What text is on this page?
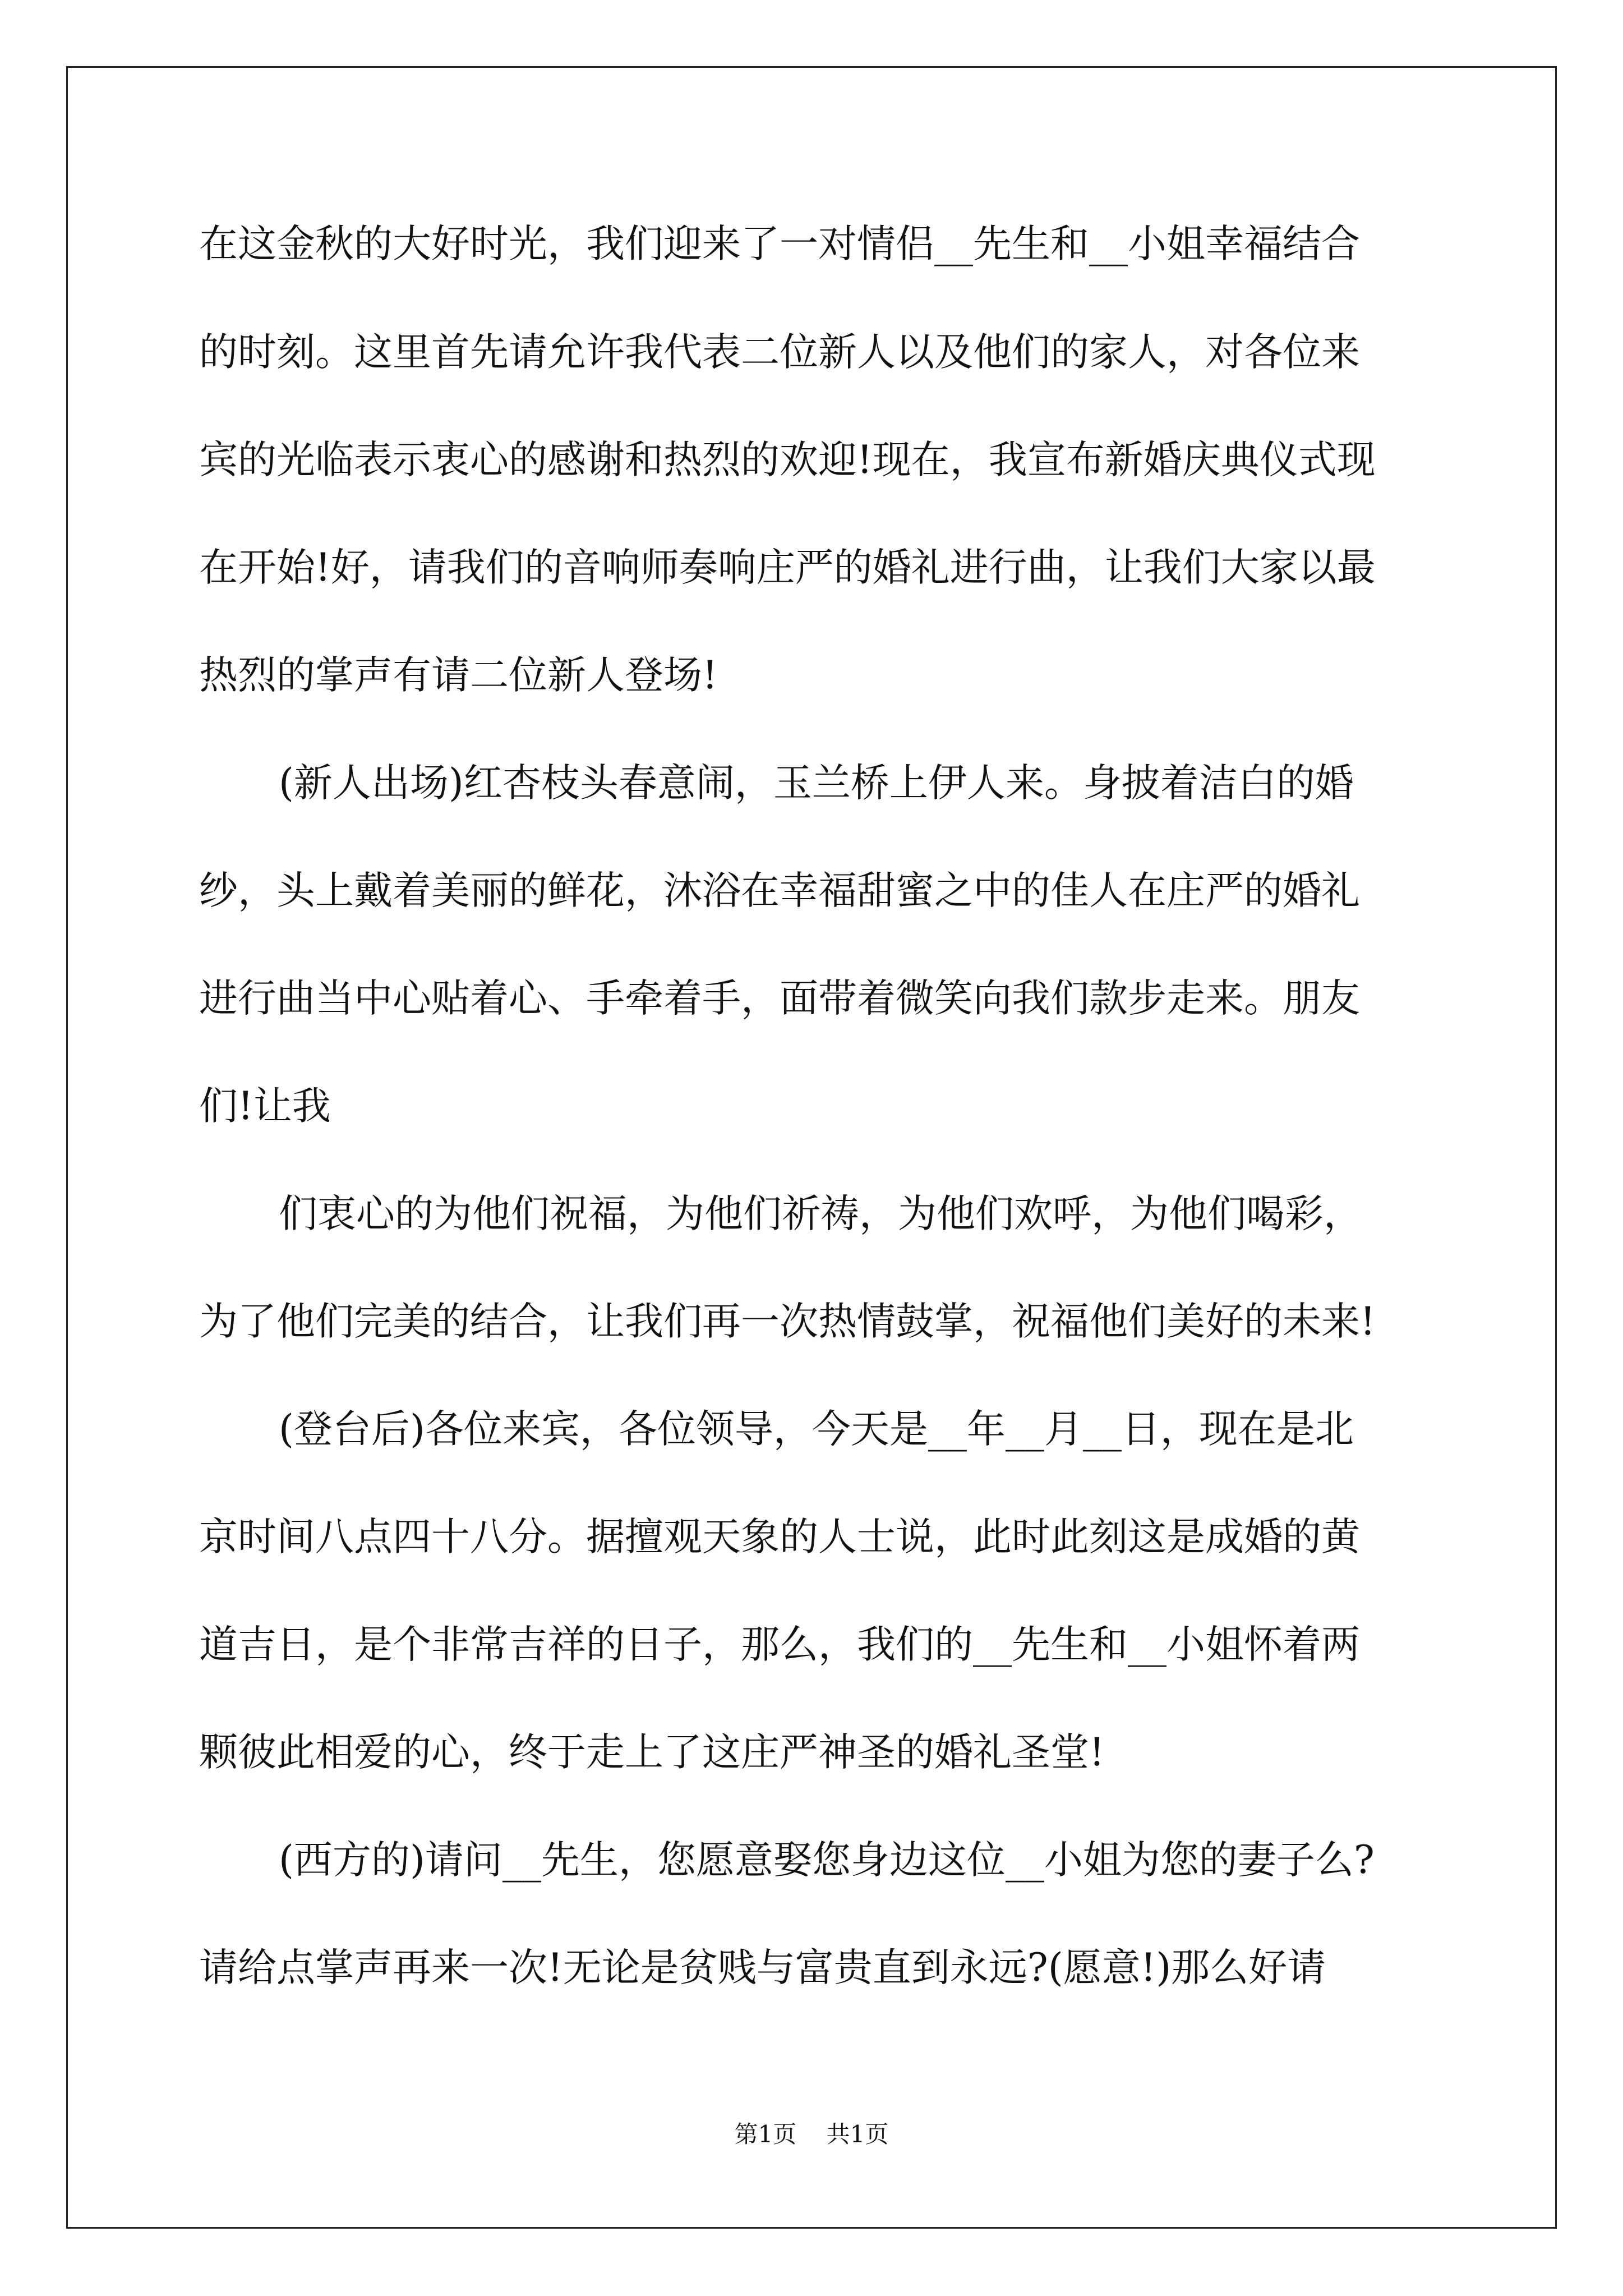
在这金秋的大好时光，我们迎来了一对情侣__先生和__小姐幸福结合

的时刻。这里首先请允许我代表二位新人以及他们的家人，对各位来

宾的光临表示衷心的感谢和热烈的欢迎!现在，我宣布新婚庆典仪式现

在开始!好，请我们的音响师奏响庄严的婚礼进行曲，让我们大家以最

热烈的掌声有请二位新人登场!

(新人出场)红杏枝头春意闹，玉兰桥上伊人来。身披着洁白的婚

纱，头上戴着美丽的鲜花，沐浴在幸福甜蜜之中的佳人在庄严的婚礼

进行曲当中心贴着心、手牵着手，面带着微笑向我们款步走来。朋友

们!让我

们衷心的为他们祝福，为他们祈祷，为他们欢呼，为他们喝彩，

为了他们完美的结合，让我们再一次热情鼓掌，祝福他们美好的未来!

(登台后)各位来宾，各位领导，今天是__年__月__日，现在是北

京时间八点四十八分。据擅观天象的人士说，此时此刻这是成婚的黄

道吉日，是个非常吉祥的日子，那么，我们的__先生和__小姐怀着两

颗彼此相爱的心，终于走上了这庄严神圣的婚礼圣堂!

(西方的)请问__先生，您愿意娶您身边这位__小姐为您的妻子么?

请给点掌声再来一次!无论是贫贱与富贵直到永远?(愿意!)那么好请

第1页 共1页
